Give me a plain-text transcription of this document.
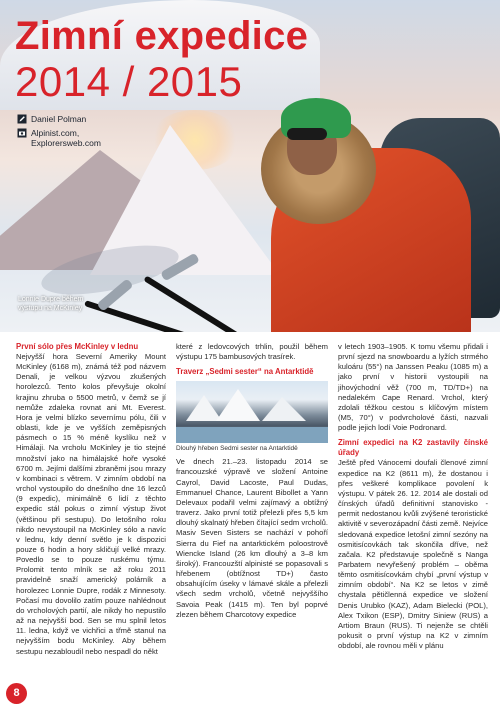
Zimní expedice
2014 / 2015
Daniel Polman
Alpinist.com,
Explorersweb.com
Lonnie Dupre během výstupu na McKinley
První sólo přes McKinley v lednu

Nejvyšší hora Severní Ameriky Mount McKinley (6168 m), známá též pod názvem Denali, je velkou výzvou zkušených horolezců. Tento kolos převyšuje okolní krajinu zhruba o 5500 metrů, v čemž se jí nemůže zdaleka rovnat ani Mt. Everest. Hora je velmi blízko severnímu pólu, čili v oblasti, kde je ve vyšších zeměpisných pásmech o 15 % méně kyslíku než v Himálaji. Na vrcholu McKinley je tio stejné množství jako na himálajské hoře vysoké 6700 m. Jejími dalšími zbraněmi jsou mrazy v kombinaci s větrem. V zimním období na vrchol vystoupilo do dnešního dne 16 lezců (9 expedic), minimálně 6 lidí z těchto expedic stál pokus o zimní výstup život (většinou při sestupu). Do letošního roku nikdo nevystoupil na McKinley sólo a navíc v lednu, kdy denní světlo je k dispozici pouze 6 hodin a hory skličují velké mrazy. Povedlo se to pouze ruskému týmu. Prolomit tento mlník se až roku 2011 pravidelně snaží americký polárník a horolezec Lonnie Dupre, rodák z Minnesoty. Počasí mu dovolilo zatím pouze nahlédnout do vrcholových partií, ale nikdy ho nepustilo až na nejvyšší bod. Sen se mu splnil letos 11. ledna, když ve vichřici a třmě stanul na nejvyšším bodu McKinley. Aby během sestupu nezabloudil nebo nespadl do někt

které z ledovcových trhlin, použil během výstupu 175 bambusových trasírek.

Traverz „Sedmi sester“ na Antarktidě
Dlouhý hřeben Sedmi sester na Antarktidě

Ve dnech 21.–23. listopadu 2014 se francouzské výpravě ve složení Antoine Cayrol, David Lacoste, Paul Dudas, Emmanuel Chance, Laurent Bibollet a Yann Delevaux podařil velmi zajímavý a obtížný traverz. Jako první totiž přelezli přes 5,5 km dlouhý skalnatý hřeben čítající sedm vrcholů. Masiv Seven Sisters se nachází v pohoří Sierra du Fief na antarktickém poloostrově Wiencke Island (26 km dlouhý a 3–8 km široký). Francouzští alpinisté se popasovali s hřebenem (obtížnost TD+) často obsahujícím úseky v lámavé skále a přelezli všech sedm vrcholů, včetně nejvyššího Savoia Peak (1415 m). Ten byl poprvé zlezen během Charcotovy expedice

v letech 1903–1905. K tomu všemu přidali i první sjezd na snowboardu a lyžích strmého kuloáru (55°) na Janssen Peaku (1085 m) a jako první v historii vystoupili na jihovýchodní věž (700 m, TD/TD+) na nedalekém Cape Renard. Vrchol, který zdolali těžkou cestou s klíčovým místem (M5, 70°) v podvrcholové části, nazvali podle jejich lodí Voie Podronard.

Zimní expedici na K2 zastavily čínské úřady

Ještě před Vánocemi doufali členové zimní expedice na K2 (8611 m), že dostanou i přes veškeré komplikace povolení k výstupu. V pátek 26. 12. 2014 ale dostali od čínských úřadů definitivní stanovisko - permit nedostanou kvůli zvýšené teroristické aktivitě v severozápadní části země. Nejvíce sledovaná expedice letošní zimní sezóny na osmitisícovkách tak skončila dříve, než začala. K2 představuje společně s Nanga Parbatem nevyřešený problém – oběma těmto osmitisícovkám chybí „první výstup v zimním období“. Na K2 se letos v zimě chystala pětičlenná expedice ve složení Denis Urubko (KAZ), Adam Bielecki (POL), Alex Txikon (ESP), Dmitry Siniew (RUS) a Artiom Braun (RUS). Ti nejenže se chtěli pokusit o první výstup na K2 v zimním období, ale rovnou měli v plánu

8
